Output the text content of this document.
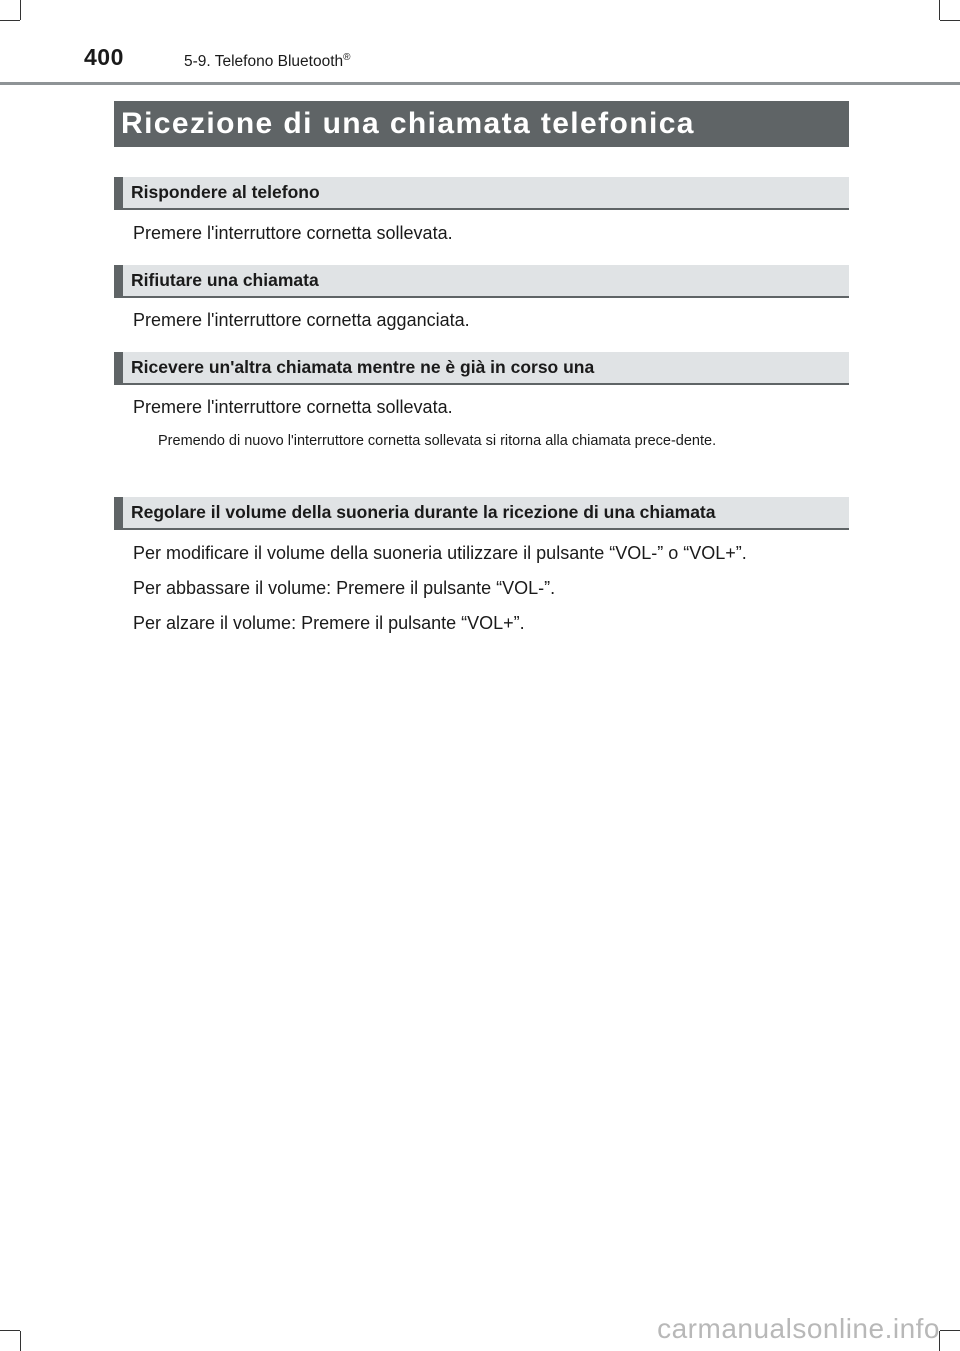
400	5-9. Telefono Bluetooth®
Ricezione di una chiamata telefonica
Rispondere al telefono
Premere l'interruttore cornetta sollevata.
Rifiutare una chiamata
Premere l'interruttore cornetta agganciata.
Ricevere un'altra chiamata mentre ne è già in corso una
Premere l'interruttore cornetta sollevata.
Premendo di nuovo l'interruttore cornetta sollevata si ritorna alla chiamata prece-dente.
Regolare il volume della suoneria durante la ricezione di una chiamata
Per modificare il volume della suoneria utilizzare il pulsante “VOL-” o “VOL+”.
Per abbassare il volume: Premere il pulsante “VOL-”.
Per alzare il volume: Premere il pulsante “VOL+”.
carmanualsonline.info
